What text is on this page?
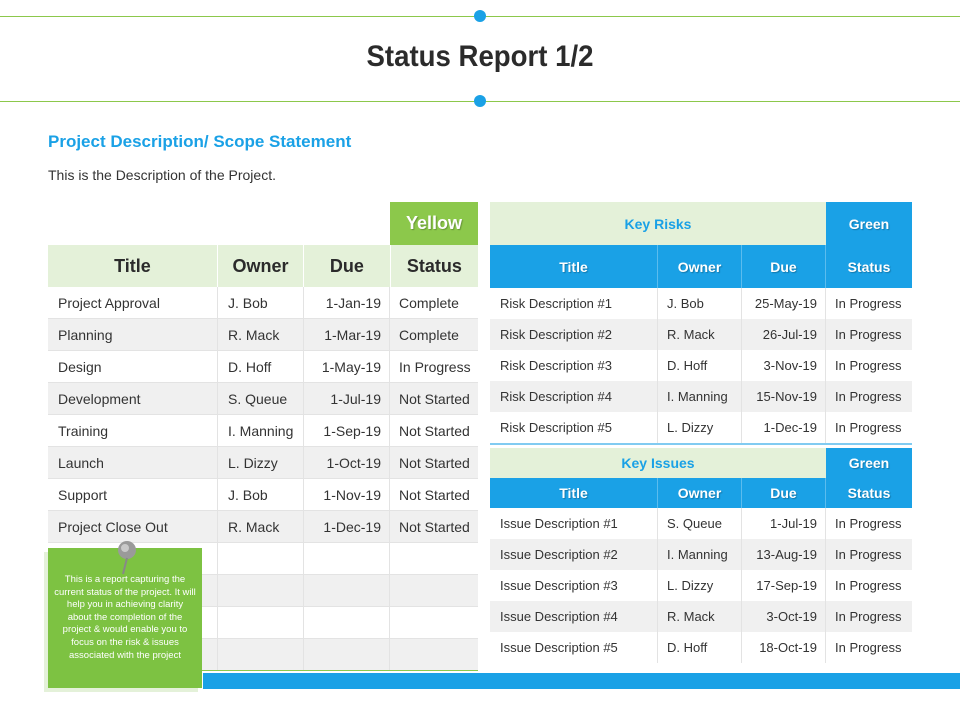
Status Report 1/2
Project Description/ Scope Statement
This is the Description of the Project.
Yellow
Title	Owner	Due	Status
Project Approval	J. Bob	1-Jan-19	Complete
Planning	R. Mack	1-Mar-19	Complete
Design	D. Hoff	1-May-19	In Progress
Development	S. Queue	1-Jul-19	Not Started
Training	I. Manning	1-Sep-19	Not Started
Launch	L. Dizzy	1-Oct-19	Not Started
Support	J. Bob	1-Nov-19	Not Started
Project Close Out	R. Mack	1-Dec-19	Not Started
Key Risks	Green
Title	Owner	Due	Status
Risk Description #1	J. Bob	25-May-19	In Progress
Risk Description #2	R. Mack	26-Jul-19	In Progress
Risk Description #3	D. Hoff	3-Nov-19	In Progress
Risk Description #4	I. Manning	15-Nov-19	In Progress
Risk Description #5	L. Dizzy	1-Dec-19	In Progress
Key Issues	Green
Title	Owner	Due	Status
Issue Description #1	S. Queue	1-Jul-19	In Progress
Issue Description #2	I. Manning	13-Aug-19	In Progress
Issue Description #3	L. Dizzy	17-Sep-19	In Progress
Issue Description #4	R. Mack	3-Oct-19	In Progress
Issue Description #5	D. Hoff	18-Oct-19	In Progress
This is a report capturing the current status of the project. It will help you in achieving clarity about the completion of the project & would enable you to focus on the risk & issues associated with the project
